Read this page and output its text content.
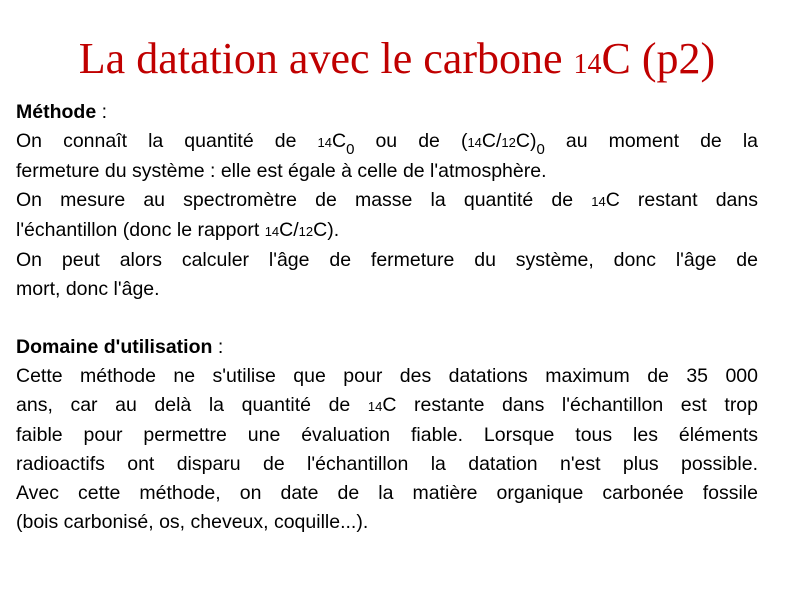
La datation avec le carbone 14C (p2)
Méthode :
On connaît la quantité de $14C_0$ ou de $(14C/12C)_0$ au moment de la
fermeture du système : elle est égale à celle de l'atmosphère.
On mesure au spectromètre de masse la quantité de 14C restant dans
l'échantillon (donc le rapport 14C/12C).
On peut alors calculer l'âge de fermeture du système, donc l'âge de
mort, donc l'âge.
Domaine d'utilisation :
Cette méthode ne s'utilise que pour des datations maximum de 35 000
ans, car au delà la quantité de 14C restante dans l'échantillon est trop
faible pour permettre une évaluation fiable. Lorsque tous les éléments
radioactifs ont disparu de l'échantillon la datation n'est plus possible.
Avec cette méthode, on date de la matière organique carbonée fossile
(bois carbonisé, os, cheveux, coquille...).
